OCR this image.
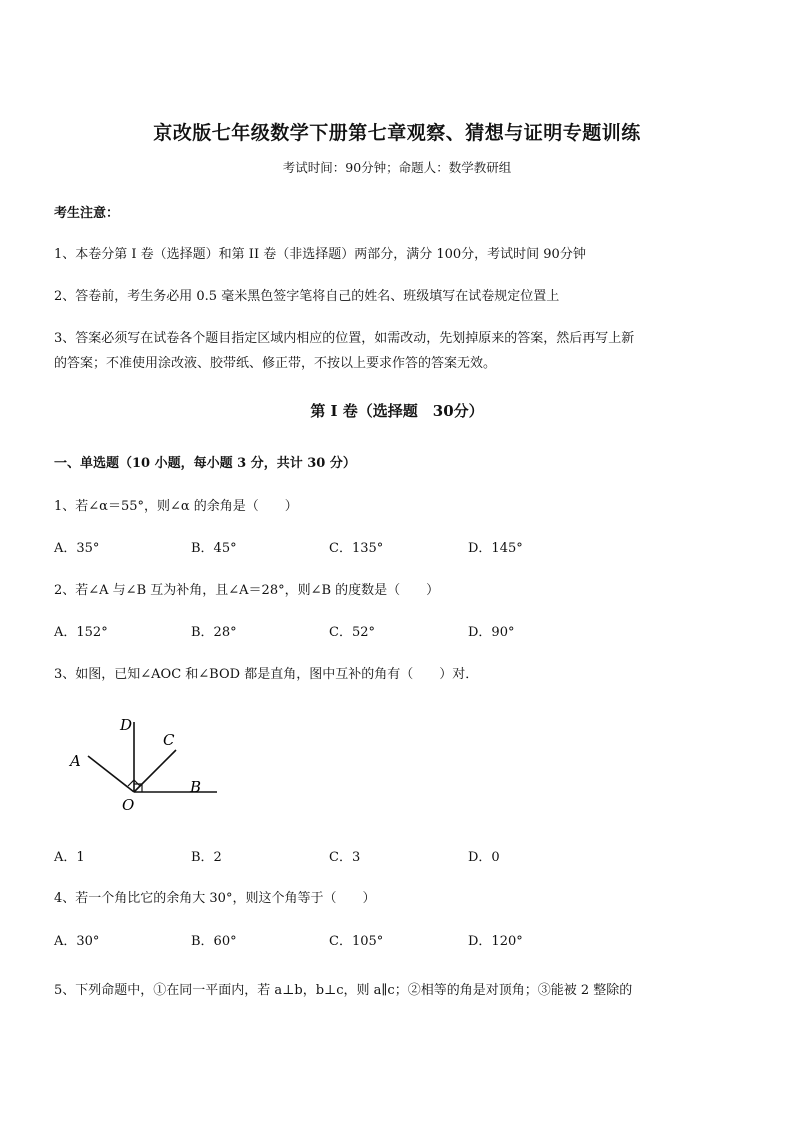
京改版七年级数学下册第七章观察、猜想与证明专题训练
考试时间：90分钟；命题人：数学教研组
考生注意：
1、本卷分第 I 卷（选择题）和第 II 卷（非选择题）两部分，满分 100分，考试时间 90分钟
2、答卷前，考生务必用 0.5 毫米黑色签字笔将自己的姓名、班级填写在试卷规定位置上
3、答案必须写在试卷各个题目指定区域内相应的位置，如需改动，先划掉原来的答案，然后再写上新
的答案；不准使用涂改液、胶带纸、修正带，不按以上要求作答的答案无效。
第 I 卷（选择题　30分）
一、单选题（10 小题，每小题 3 分，共计 30 分）
1、若∠α＝55°，则∠α 的余角是（　　）
A．35°	B．45°	C．135°	D．145°
2、若∠A 与∠B 互为补角，且∠A＝28°，则∠B 的度数是（　　）
A．152°	B．28°	C．52°	D．90°
3、如图，已知∠AOC 和∠BOD 都是直角，图中互补的角有（　　）对．
D
C
A
B
O
A．1	B．2	C．3	D．0
4、若一个角比它的余角大 30°，则这个角等于（　　）
A．30°	B．60°	C．105°	D．120°
5、下列命题中，①在同一平面内，若 a⊥b，b⊥c，则 a∥c；②相等的角是对顶角；③能被 2 整除的
